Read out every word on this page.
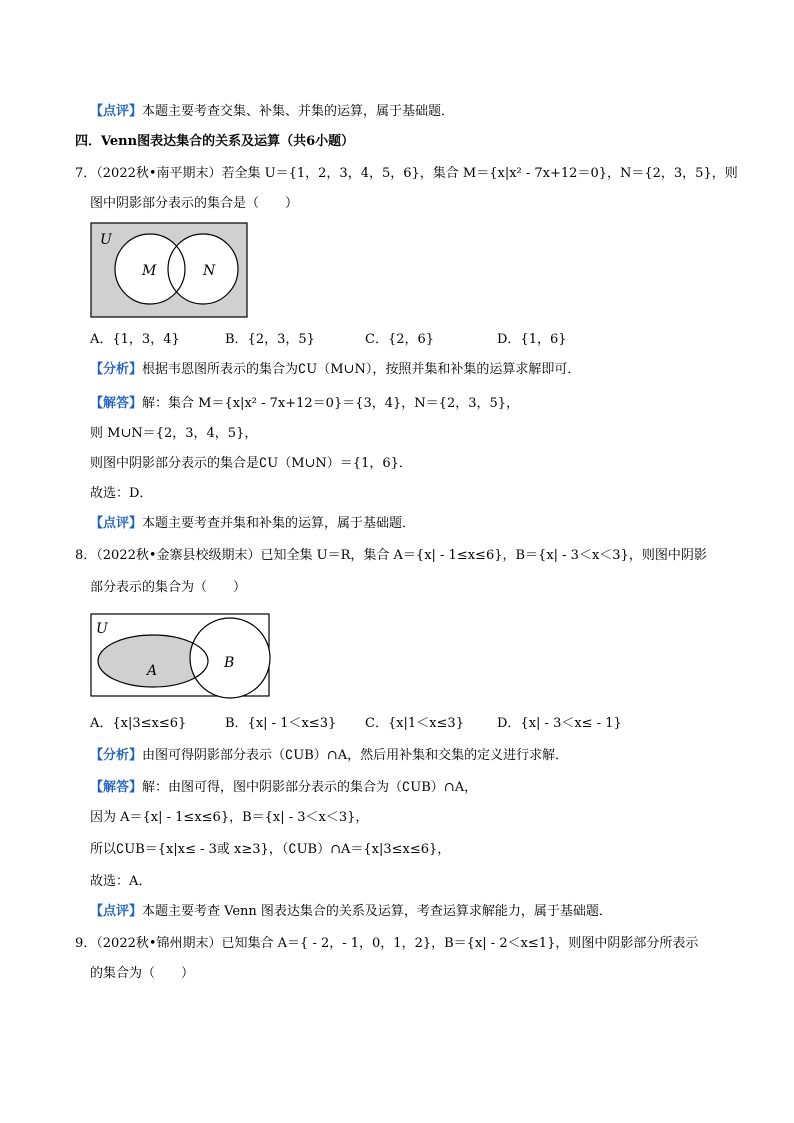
【点评】本题主要考查交集、补集、并集的运算，属于基础题．
四．Venn图表达集合的关系及运算（共6小题）
7．（2022秋•南平期末）若全集 U＝{1，2，3，4，5，6}，集合 M＝{x|x² - 7x+12＝0}，N＝{2，3，5}，则
图中阴影部分表示的集合是（　　）
U
M	N
A．{1，3，4}	B．{2，3，5}	C．{2，6}	D．{1，6}
【分析】根据韦恩图所表示的集合为∁U（M∪N），按照并集和补集的运算求解即可．
【解答】解：集合 M＝{x|x² - 7x+12＝0}＝{3，4}，N＝{2，3，5}，
则 M∪N＝{2，3，4，5}，
则图中阴影部分表示的集合是∁U（M∪N）＝{1，6}．
故选：D．
【点评】本题主要考查并集和补集的运算，属于基础题．
8．（2022秋•金寨县校级期末）已知全集 U＝R，集合 A＝{x| - 1≤x≤6}，B＝{x| - 3＜x＜3}，则图中阴影
部分表示的集合为（　　）
U
A	B
A．{x|3≤x≤6}	B．{x| - 1＜x≤3} C．{x|1＜x≤3}	D．{x| - 3＜x≤ - 1}
【分析】由图可得阴影部分表示（∁UB）∩A，然后用补集和交集的定义进行求解．
【解答】解：由图可得，图中阴影部分表示的集合为（∁UB）∩A，
因为 A＝{x| - 1≤x≤6}，B＝{x| - 3＜x＜3}，
所以∁UB＝{x|x≤ - 3或 x≥3}，（∁UB）∩A＝{x|3≤x≤6}，
故选：A．
【点评】本题主要考查 Venn 图表达集合的关系及运算，考查运算求解能力，属于基础题．
9．（2022秋•锦州期末）已知集合 A＝{ - 2，- 1，0，1，2}，B＝{x| - 2＜x≤1}，则图中阴影部分所表示
的集合为（　　）
